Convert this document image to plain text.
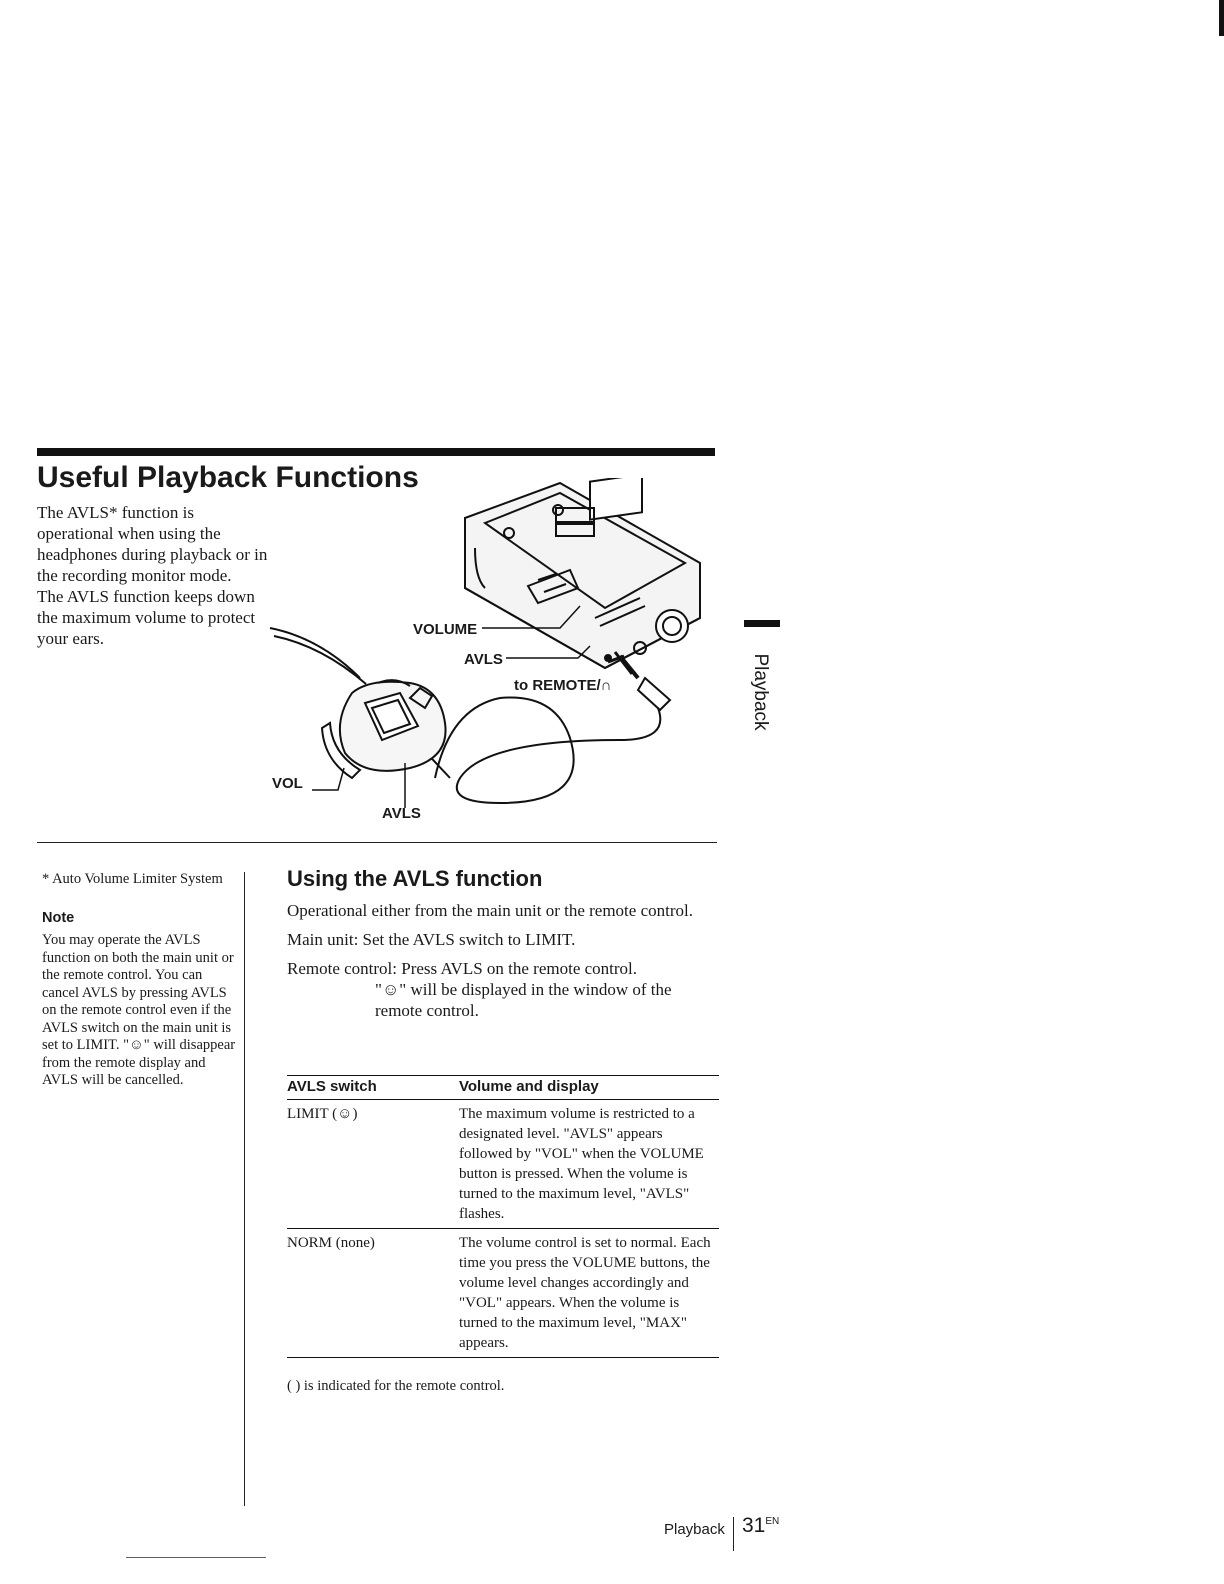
Useful Playback Functions

The AVLS* function is operational when using the headphones during playback or in the recording monitor mode.

The AVLS function keeps down the maximum volume to protect your ears.	VOLUME
AVLS
to REMOTE/∩
VOL
AVLS
Playback

* Auto Volume Limiter System

Note

You may operate the AVLS function on both the main unit or the remote control. You can cancel AVLS by pressing AVLS on the remote control even if the AVLS switch on the main unit is set to LIMIT. "☺" will disappear from the remote display and AVLS will be cancelled.

Using the AVLS function

Operational either from the main unit or the remote control.

Main unit: Set the AVLS switch to LIMIT.

Remote control: Press AVLS on the remote control.

"☺" will be displayed in the window of the remote control.

AVLS switch	Volume and display
LIMIT (☺)	The maximum volume is restricted to a designated level. "AVLS" appears followed by "VOL" when the VOLUME button is pressed. When the volume is turned to the maximum level, "AVLS" flashes.
NORM (none)	The volume control is set to normal. Each time you press the VOLUME buttons, the volume level changes accordingly and "VOL" appears. When the volume is turned to the maximum level, "MAX" appears.

( ) is indicated for the remote control.

Playback 31$^{EN}$
